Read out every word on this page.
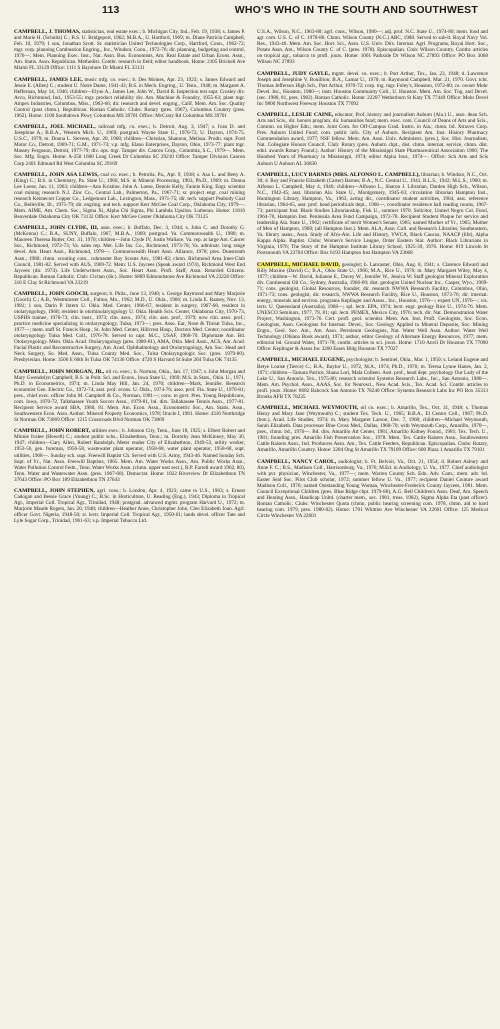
113	WHO'S WHO IN THE SOUTH AND SOUTHWEST

CAMPBELL, J. THOMAS, statistician, real estate exec.; b. Michigan City, Ind., Feb. 19, 1938; s. James P. and Marie H. (Schultz) C.; B.S. U. Bridgeport, 1962; M.B.A., U. Hartford, 1969; m. Diane Patricia Campbell, Feb. 10, 1979; 1 son, Jonathan Scott. Sr. statistician United Technologies Corp., Hartford, Conn., 1962-72; mgr. corp. planning Combustion Engring., Inc., Windsor, Conn., 1972-76; dir. planning, budgeting and control, 1976—; Mem. Planning Exec. Inst., Nat. Assn. Bus. Economists, Am. Real Estate and Urban Econs. Assn., Am. Statis. Assn. Republican. Methodist. Contbr. research in field; editor handbook. Home: 2105 Brickell Ave Miami FL 33129 Office: 1111 S Bayshore Dr Miami FL 33131

CAMPBELL, JAMES LEE, music mfg. co. exec.; b. Des Moines, Apr. 23, 1923; s. James Edward and Jessie E. (Allen) C.; student U. Notre Dame, 1941-43; B.S. in Mech. Engring., U. Tenn., 1948; m. Margaret A. Heffernan, May 14, 1946; children—Elyse A., James Lee, John W., David R. Inspection test supr. Crosley div. Avco, Richmond, Ind., 1953-55; mgr. product reliability div. Am. Machine & Foundry, 1955-63; plant mgr. Ampex Industries, Columbus, Miss., 1963-66; dir. research and devel. engrng., Calif. Mem. Am. Soc. Quality Control (past chmn.). Republican. Roman Catholic. Clubs: Rotary (pres. 1967), Columbus Country (pres. 1962). Home: 1100 Southdown Pkwy Columbus MS 39701 Office: McCrary Rd Columbus MS 39701

CAMPBELL, JOEL MICHAEL, railroad mfg. co. exec.; b. Detroit, Aug. 3, 1947; s. Ivan D. and Josephine A.; B.B.A., Western Mich. U., 1969; postgrad. Wayne State U., 1970-72, U. Dayton, 1974-75. U.S.C., 1979; m. Donna L. Stevens, Apr. 20, 1968; children—Christian, Shannon, Melissa. Prodn. supt. Ford Motor Co., Detroit, 1969-71; G.M., 1971-73; v.p. mfg. Elano Enterprises, Dayton, Ohio, 1973-77; plant mgr. Massey Ferguson, Detroit, 1977-79; div. ops. mgr. Tamper div. Canron Corp., Columbia, S.C., 1979—. Mem. Soc. Mfg. Engrs. Home: A-258 1600 Long Creek Dr Columbia SC 29210 Office: Tamper Division Canron Corp 2401 Edmund Rd West Columbia SC 29169

CAMPBELL, JOHN ASA LEWIS, coal co. exec.; b. Petrolia, Pa., Apr. 9, 1938; s. Asa L. and Betty A. (King) C.; B.S. in Chemistry, Pa. State U., 1960, M.S. in Mineral Processing, 1963, Ph.D., 1969; m. Donna Lee Loese, Jan. 11, 1963; children—Ann Kristine, John A. Loese, Dennis Kelly, Fannie King. Engr. scientist coal mining research N.J. Zinc Co., Central Lab., Palmerton, Pa., 1967-71; sr. project engr. coal mining research Kennecott Copper Co., Ledgemont Lab., Lexington, Mass., 1971-75; dir. tech. support Peabody Coal Co., Belleville, Ill., 1975-79; dir. engring. and tech. support Kerr McGee Coal Corp., Oklahoma City, 1979—. Mem. AIME, Am. Chem. Soc., Sigma Xi, Alpha Chi Sigma, Phi Lambda Upsilon. Lutheran. Home: 11816 Beaverdale Oklahoma City OK 73132 Office: Kerr McGee Center Oklahoma City OK 73125

CAMPBELL, JOHN CLYDE, III, assn. exec.; b. Buffalo, Dec. 3, 1944; s. John C. and Dorothy G. (McKenna) C.; B.A., SUNY, Buffalo, 1967, M.B.A., 1969; postgrad. Va. Commonwealth U., 1980; m. Maureen Theresa Butler, Oct. 31, 1970; children—John Clyde IV, Justin Wallace. Va. rep. at large Am. Cancer Soc., Richmond, 1972-73; Va. sales rep. Met. Life Ins. Co., Richmond, 1973-78; Va. adminstr. long range devel. Am. Heart Assn., Richmond, 1978—. Commonwealth Heart Assn. Alliance, 1978; pres. Dunstreath Assn., 1980; chmn. scouting com., cubmaster Boy Scouts Am., 1981-82; chmn. Richmond Area Inter-Club Council, 1981-82. Served with AUS, 1969-72. Mem. U.S. Jaycees (Speak award 1974), Richmond West End Jaycees (dir. 1974). Life Underwriters Assn., Soc. Heart Assn. Profl. Staff, Assn. Retarded Citizens. Republican. Roman Catholic. Club: Civitan (dir.). Home: 6809 Edmondstone Ave Richmond VA 23226 Office: 316 E Clay St Richmond VA 23219

CAMPBELL, JOHN GOOCH, surgeon; b. Phila., June 13, 1940; s. George Raymond and Mary Marjorie (Gooch) C.; A.B., Westminster Coll., Fulton, Mo., 1962; M.D., U. Okla., 1966; m. Linda E. Ramey, Nov. 13, 1981; 1 son, Darin P. Intern U. Okla. Med. Center, 1966-67, resident in surgery, 1967-68, resident in otolaryngology, 1968; resident in otorhinolaryngology U. Okla. Health Scis. Center, Oklahoma City, 1970-73, USPHS trainee, 1970-73; clin. instr., 1973; clin. asso., 1974; clin. asst. prof., 1979; now clin. asso. prof.; practice medicine specializing in otolaryngology, Tulsa, 1973—; pres. Asso. Ear, Nose & Throat Tulsa, Inc., 1977—; mem. staff St. Francis Hosp., St. John Med. Center, Hillcrest Hosp., Doctors Med. Center; coordinator otolaryngology Tulsa Med. Coll., 1976-78. Served to capt. M.C., USAF, 1968-70. Diplomate Am. Bd. Otolaryngology. Mem. Okla. Acad. Otolaryngology (pres. 1980-81), AMA, Okla. Med. Assn., ACS, Am. Acad. Facial Plastic and Reconstructive Surgery, Am. Acad. Ophthalmology and Otolaryngology, Am. Soc. Head and Neck Surgery, So. Med. Assn., Tulsa County Med. Soc., Tulsa Otolaryngologic Soc. (pres. 1979-80). Presbyterian. Home: 3506 E 66th St Tulsa OK 74136 Office: 4720 S Harvard St Suite 204 Tulsa OK 74135

CAMPBELL, JOHN MORGAN, JR., oil co. exec.; b. Norman, Okla., Jan. 17, 1947; s. John Morgan and Mary Gwendolyn Campbell; B.S. in Polit. Sci. and Econs., Iowa State U., 1969; M.S. in Stats., Okla. U., 1971, Ph.D. in Econometrics, 1974; m. Linda May Hill, Jan. 24, 1970; children—Mark, Jennifer. Research economist Gen. Electric Co., 1972-74; asst. prof. econs. U. Okla., 1974-76; asso. prof. Fla. State U., 1976-81; pres., chief exec. officer John M. Campbell & Co., Norman, 1981—; cons. to govt. Pres. Young Republicans, com. Iowa, 1970-72, Tallahassee Youth Soccer Assn., 1979-81, bd. dirs. Tallahassee Tennis Assn., 1977-81. Recipient Service award SBA, 1980, 81. Mem. Am. Econ. Assn., Econometric Soc., Am. Statis. Assn., Southwestern Econ. Assn. Author: Mineral Property Economics, 1978; Oracle I, 1981. Home: 4316 Northridge St Norman OK 73069 Office: 1215 Crossroads Blvd Norman OK 73069

CAMPBELL, JOHN ROBERT, utilities exec.; b. Johnson City, Tenn., June 18, 1925; s. Elbert Robert and Minnie Ivalee (Howell) C.; student public schs., Elizabethton, Tenn.; m. Dorothy Jean McKinney, May 30, 1947; children—Gary Allen, Robert Randolph. Meter reader City of Elizabethton, 1949-53, utility worker, 1953-56, gen. foreman, 1956-58, wastewater plant operator, 1958-68, water plant operator, 1958-68, supt. utilities, 1968—. Sunday sch. supt. Freewill Baptist Ch. Served with U.S. Army, 1943-46. Named Sunday Sch. Supt. of Yr., Nat. Assn. Freewill Baptists, 1965. Mem. Am. Water Works Assn., Am. Public Works Assn., Water Pollution Control Fedn., Tenn. Water Works Assn. (chmn. upper east sect.), R.P. Farrell award 1962, 80), Tenn. Water and Wastewater Assn. (pres. 1967-68). Democrat. Home: 1022 Riverview Dr Elizabethton TN 37643 Office: PO Box 189 Elizabethton TN 37643

CAMPBELL, JOHN STEPHEN, agrl. cons.; b. London, Apr. 4, 1923; came to U.S., 1963; s. Ernest Cadogan and Bessie Grace (Young) C.; B.Sc. in Horticulture, U. Reading (Eng.), 1943; Diploma in Tropical Agr., Imperial Coll. Tropical Agr., Trinidad, 1948; postgrad. advanced mgmt. program Harvard U., 1972; m. Marjorie Maude Rogers, Jan. 20, 1948; children—Heather Anne, Christopher John, Cleo Elizabeth Joan. Agrl. officer Govt. Nigeria, 1948-50; sr. lectr. Imperial Coll. Tropical Agr., 1950-61; lands devel. officer Tate and Lyle Sugar Corp., Trinidad, 1961-63; v.p. Imperial Tobacco Ltd.

U.S.A., Wilson, N.C., 1963-80; agrl. cons., Wilson, 1980—; adj. prof. N.C. State U., 1974-80; mem. food and agr. com. U.S. C. of C. 1978-80. Chmn. Wilson County (N.C.) ARC, 1980. Served to sub-lt. Royal Navy Vol. Res., 1943-46. Mem. Am. Soc. Hort. Sci., Assn. U.S. Univ. Dirs. Internat. Agrl. Programs, Royal Hort. Soc., Potato Assn. Am., Wilson County C. of C. (pres. 1978). Episcopalian. Club: Wilson Country. Contbr. articles on tropical agr., tobacco to profl. jours. Home: 1001 Parkside Dr Wilson NC 27893 Office: PO Box 3068 Wilson NC 27893

CAMPBELL, JUDY GAYLE, mgmt. devel. co. exec.; b. Port Arthur, Tex., Jan. 23, 1948; d. Lawrence Joseph and Josephine V. Bouillion; B.A., Lamar U., 1970; m. Raymond Campbell, Mar. 21, 1970. Govt. tchr. Thomas Jefferson High Sch., Port Arthur, 1970-72; corp. tng. mgr. Foley's, Houston, 1972-80; co. owner Mohr Devel. Inc., Houston, 1980—; instr. Houston Community Coll., U. Houston. Mem. Am. Soc. Tng. and Devel. (sec. 1980, 81, pres. 1982). Roman Catholic. Home: 22207 Wetherburn St Katy TX 77449 Office: Mohr Devel Inc 9800 Northwest Freeway Houston TX 77092

CAMPBELL, LESLIE CAINE, educator, Prof. history and journalism Auburn (Ala.) U., asso. dean Sch. Arts and Scis., dir. honors program, dir. humanities fund; mem. exec. com. Council of Deans of Arts and Scis., Commn. on Higher Edn.; mem. Joint Com. for Off-Campus Grad. Instrn. in Ala.; chmn. bd. Xtravex Corp. Pres. Auburn United Fund; com. public info. City of Auburn. Recipient Am. Inst. History Pharmacy Commendation award, 1977; NSF fellow. Mem. Am. Assn. Univ. Administrs. (pres.), Soc. Hist. Journalism, Nat. Collegiate Honors Council. Club: Rotary (pres. Auburn chpt., dist. chmn. internat. service, chmn. dist. ednl. awards Rotary Found.). Author: History of the Mississippi State Pharmaceutical Association 1966; The Hundred Years of Pharmacy in Mississippi, 1974; editor Alpha Jour., 1974—. Office: Sch Arts and Scis Auburn U Auburn AL 36830

CAMPBELL, LUCY BARNES (MRS. ALFONSO L. CAMPBELL), librarian; b. Windsor, N.C., Oct. 30; d. Roy and Francie Elizabeth (Carter) Barnes; B.A., N.C. Central U., 1941, B.L.S., 1942; M.L.S., 1960; m. Alfonso L. Campbell, May 4, 1946; children—Alfonso L., Sharon J. Librarian, Darden High Sch., Wilson, N.C., 1942-45; asst. librarian Ala. State U., Montgomery, 1945-63; circulation librarian Hampton Inst., Huntington Library, Hampton, Va., 1963, acting dir., coordinator student activities, 1964, asst. reference librarian, 1964-65, asst. prof. head periodicals dept., 1966—, coordinator residence hall reading rooms, 1967-73; participant Inst. Black Studies Librarianship, Fisk U., summer 1970. Solicitor, United Negro Col. Fund, 1964-70, Hampton Inst. Peninsula Area Fund Campaign, 1972-78. Recipient Student Plaque for service and leadership Ala. State U., 1962; certificate of merit Women's Senate, 1965; named Mother of Yr., 1965; Mother of Men of Hampton, 1968; (all Hampton Inst.). Mem. ALA, Assn. Coll. and Research Libraries, Southeastern, Va. library assns., Assn. Study of Afro-Am. Life and History, YWCA, Black Caucus, NAACP (life), Alpha Kappa Alpha. Baptist. Clubs: Women's Service League, Order Eastern Star. Author: Black Librarians in Virginia, 1976; The Story of the Hampton Institute Library School, 1925-39, 1976. Home: 819 Lincoln St Portsmouth VA 23704 Office: Box 6193 Hampton Inst Hampton VA 23668

CAMPBELL, MICHAEL DAVID, geologist; b. Lancaster, Ohio, Aug. 8, 1941; s. Clarence Edward and Billy Maxine (David) C.; B.A., Ohio State U., 1966; M.A., Rice U., 1976; m. Mary Margaret Wiley, May 4, 1977; children—W. David, Julianne E., Davey W., Jennifer W., Jessica W. Staff geologist Mineral Exploration div. Continental Oil Co., Sydney, Australia, 1966-69; dist. geologist United Nuclear Inc., Casper, Wyo., 1969-71; cons. geologist, Global Resources, founder, dir. research NWWA Research Facility, Columbus, Ohio, 1971-73; cons. geologist, dir. research, NWWA Research Facility, Rice U., Houston, 1973-76; dir. internat. energy, minerals and environ. programs Keplinger and Assos., Inc., Houston, 1976—; expert UN, 1976—; vis. lectr. U. Queensland (Australia), 1968—; spl. lectr. EPA, 1974; lectr. engr. geology Rice U., 1974-76. Mem. UNESCO Seminars, 1977, 79, 81; spl. lectr. PEMEX, Mexico City, 1976; tech. dir. Nat. Demonstration Water Project, Washington, 1973-76. Cert. profl. geol. scientist. Mem. Am. Inst. Profl. Geologists, Soc. Econ. Geologists, Assn. Geologists for Internat. Devel., Soc. Geology Applied to Mineral Deposits, Soc. Mining Engrs., Geol. Soc. Am., Am. Assn. Petroleum Geologists, Nat. Water Well Assn. Author: Water Well Technology (Ohiana Book award), 1973; author, editor Geology of Alternate Energy Resources, 1977; mem. editorial bd. Ground Water, 1971-78; contbr. articles to sci. jours. Home: 1710 Anvil Dr Houston TX 77090 Office: Keplinger & Assos Inc 3200 Essex Bldg Houston TX 77027

CAMPBELL, MICHAEL EUGENE, psychologist; b. Sentinel, Okla., Mar. 1, 1950; s. Leland Eugene and Betye Louise (Tierce) C.; B.A., Baylor U., 1972, M.A., 1974, Ph.D., 1976; m. Teresa Lynne Hanes, Jan. 2, 1971; children—Tamara Patrice, Shana Lori, Mala Colleen. Asst. prof., head dept. psychology Our Lady of the Lake U., San Antonio, Tex., 1975-80; research scientist Systems Research Labs., Inc., San Antonio, 1980—. Mem. Am. Psychol. Assn., AAAS, Soc. for Neurosci., New Acad. Scis., Tex. Acad. Sci. Contbr. articles to profl. jours. Home: 8682 Babcock San Antonio TX 78240 Office: Systems Research Labs Inc PO Box 35313 Brooks AFB TX 78235

CAMPBELL, MICHAEL WEYMOUTH, oil co. exec.; b. Amarillo, Tex., Oct. 31, 1948; s. Thomas Henry and Mary Jane (Weymouth) C.; student Tex. Tech. U., 1965; B.B.A., El Centro Coll., 1967; Ph.D. (hon.), Acad. Life Studies, 1974; m. Mary Margaret Larson, Dec. 7, 1968; children—Michael Weymouth, Sarah Elizabeth. Data processor Blue Cross Med., Dallas, 1968-70; with Weymouth Corp., Amarillo, 1970—, pres., chmn. bd., 1976—. Bd. dirs. Amarillo Art Center, 1981, Amarillo Kidney Found., 1981; Tex. Tech. U., 1981; founding pres. Amarillo Fish Preservation Soc., 1978. Mem. Tex. Cattle Raisers Assn., Southwestern Cattle Raisers Assn., Ind. Producers Assn. Am., Tex. Cattle Feeders, Republican. Episcopalian. Clubs: Rotary, Amarillo, Amarillo Country. Home: 3204 Ong St Amarillo TX 79109 Office: 600 Plaza 1 Amarillo TX 79101

CAMPBELL, NANCY CAROL, audiologist; b. Ft. Belvoir, Va., Oct. 21, 1954; d. Robert Asbury and Anne F. C.; B.S., Madison Coll., Harrisonburg, Va., 1976; M.Ed. in Audiology, U. Va., 1977. Chief audiologist with pvt. physician, Winchester, Va., 1977—; mem. Warren County Sch. Edn. Adv. Com.; mem. adv. bd. Easter Seal Soc. Pilot Club scholar, 1972; summer fellow U. Va., 1977; recipient Daniel Couture award Madison Coll., 1976; named Outstanding Young Woman, Winchester-Frederick County Jaycees, 1981. Mem. Council Exceptional Children (pres. Blue Ridge chpt. 1979-80), A.G. Bell Children's Assn. Deaf, Am. Speech and Hearing Assn., Handicap Unltd. (charter mem., sec. 1981, treas. 1982), Sigma Alpha Eta (past officer). Roman Catholic. Clubs: Winchester Quota (chmn. public hearing screening com. 1978, chmn. aid to hard hearing com. 1979, pres. 1980-82). Home: 1701 Whittier Ave Winchester VA 22601 Office: 125 Medical Circle Winchester VA 22601
